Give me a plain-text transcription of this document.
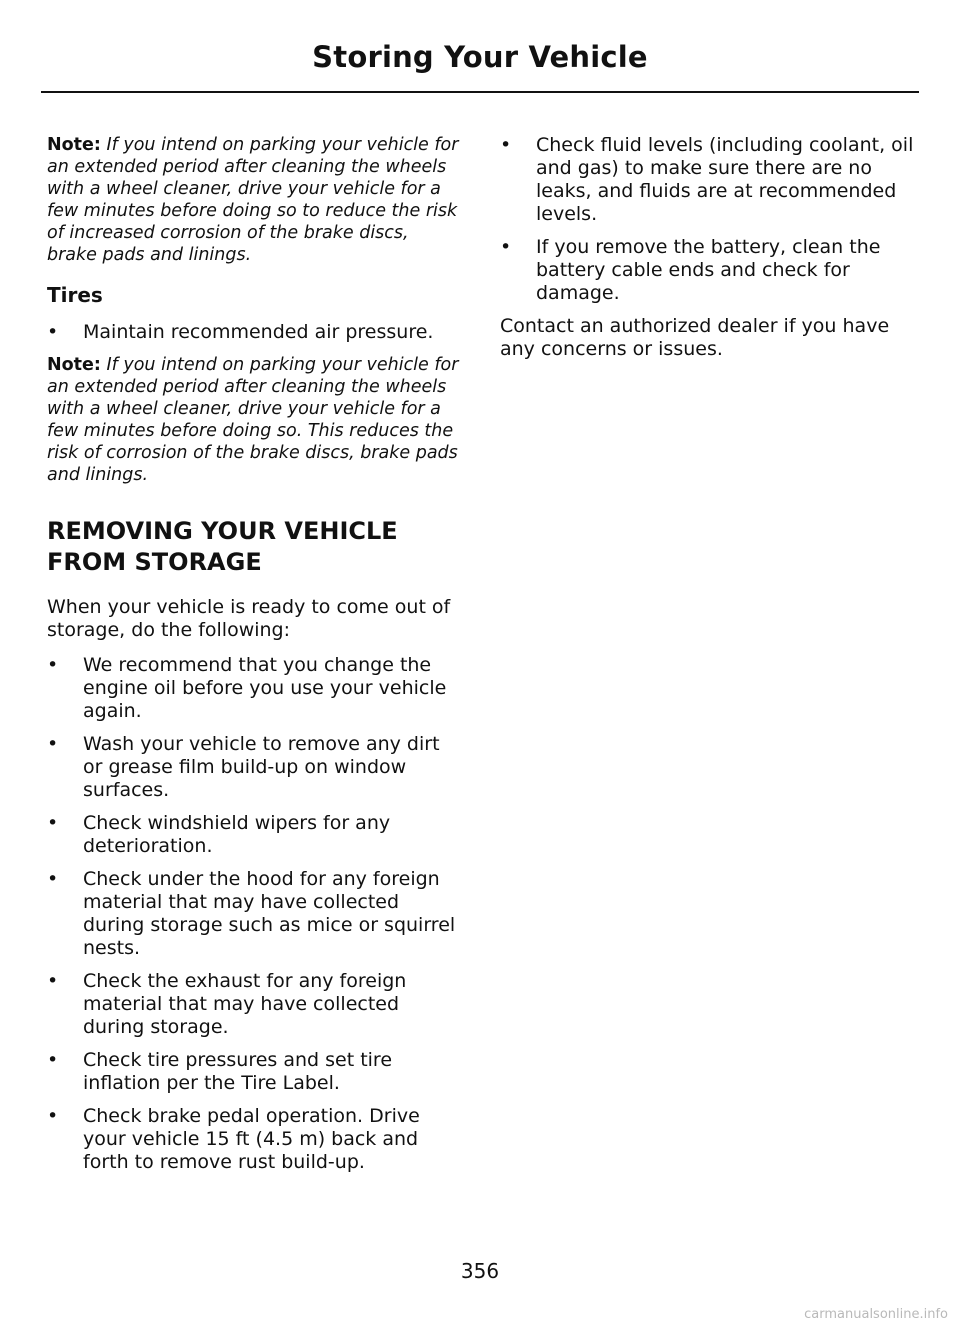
Storing Your Vehicle

Note: If you intend on parking your vehicle for an extended period after cleaning the wheels with a wheel cleaner, drive your vehicle for a few minutes before doing so to reduce the risk of increased corrosion of the brake discs, brake pads and linings.

Tires
• Maintain recommended air pressure.

Note: If you intend on parking your vehicle for an extended period after cleaning the wheels with a wheel cleaner, drive your vehicle for a few minutes before doing so. This reduces the risk of corrosion of the brake discs, brake pads and linings.

REMOVING YOUR VEHICLE
FROM STORAGE

When your vehicle is ready to come out of storage, do the following:

• We recommend that you change the engine oil before you use your vehicle again.
• Wash your vehicle to remove any dirt or grease film build-up on window surfaces.
• Check windshield wipers for any deterioration.
• Check under the hood for any foreign material that may have collected during storage such as mice or squirrel nests.
• Check the exhaust for any foreign material that may have collected during storage.
• Check tire pressures and set tire inflation per the Tire Label.
• Check brake pedal operation. Drive your vehicle 15 ft (4.5 m) back and forth to remove rust build-up.
• Check fluid levels (including coolant, oil and gas) to make sure there are no leaks, and fluids are at recommended levels.
• If you remove the battery, clean the battery cable ends and check for damage.

Contact an authorized dealer if you have any concerns or issues.

356
carmanualsonline.info
